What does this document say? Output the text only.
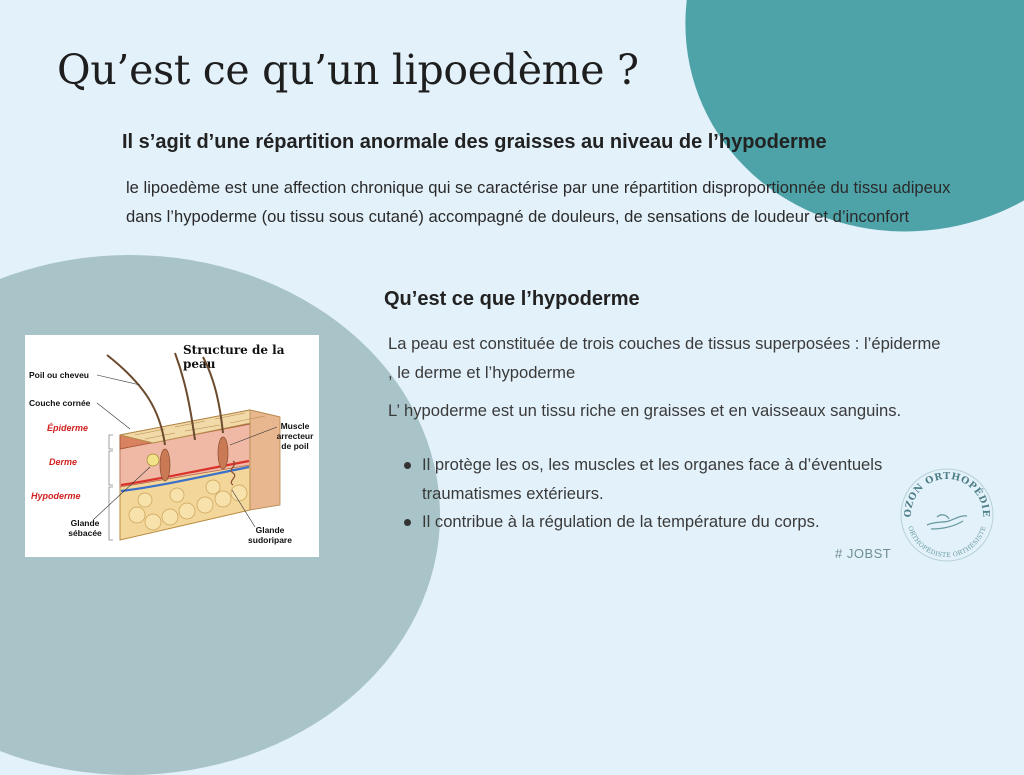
Qu’est ce qu’un lipoedème ?
Il s’agit d’une répartition anormale des graisses au niveau de l’hypoderme

le lipoedème est une affection chronique qui se caractérise par une répartition disproportionnée du tissu adipeux dans l’hypoderme (ou tissu sous cutané) accompagné de douleurs, de sensations de loudeur et d’inconfort

Qu’est ce que l’hypoderme

La peau est constituée de trois couches de tissus superposées : l’épiderme , le derme et l’hypoderme

L’ hypoderme est un tissu riche en graisses et en vaisseaux sanguins.

Il protège les os, les muscles et les organes face à d’éventuels traumatismes extérieurs.
Il contribue à la régulation de la température du corps.
Structure de la peau
Poil ou cheveu
Couche cornée
Épiderme
Derme
Hypoderme
Glande sébacée	Glande sudoripare
Muscle arrecteur de poil
OZON ORTHOPÉDIE
ORTHOPÉDISTE ORTHÉSISTE
# JOBST
